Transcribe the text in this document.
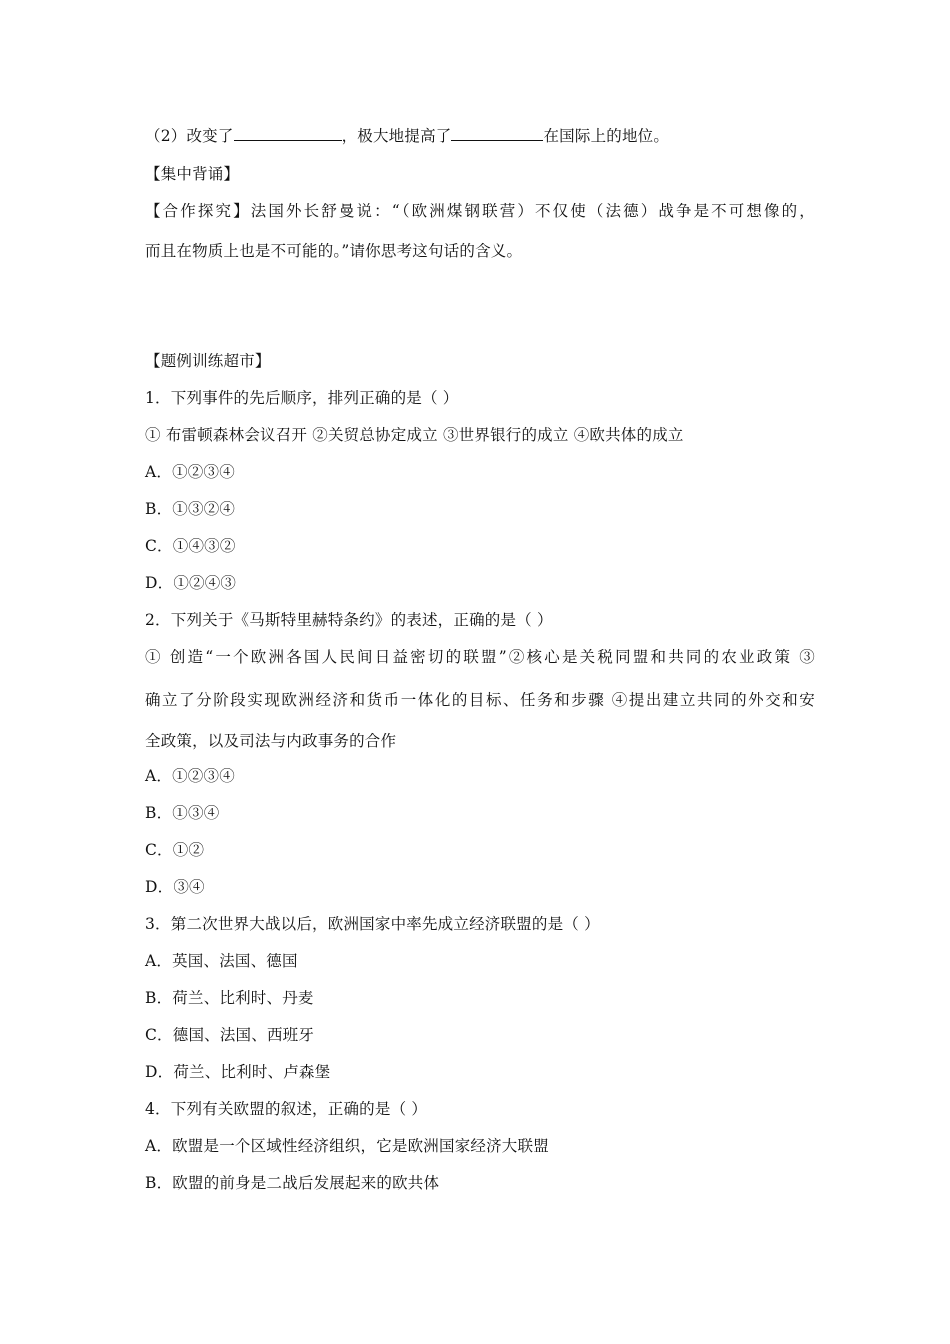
（2）改变了	，极大地提高了	在国际上的地位。
【集中背诵】
【合作探究】法国外长舒曼说：“（欧洲煤钢联营）不仅使（法德）战争是不可想像的，
而且在物质上也是不可能的。”请你思考这句话的含义。
【题例训练超市】
1．下列事件的先后顺序，排列正确的是（ ）
① 布雷顿森林会议召开 ②关贸总协定成立 ③世界银行的成立 ④欧共体的成立
A．①②③④
B．①③②④
C．①④③②
D．①②④③
2．下列关于《马斯特里赫特条约》的表述，正确的是（ ）
① 创造“一个欧洲各国人民间日益密切的联盟”②核心是关税同盟和共同的农业政策 ③
确立了分阶段实现欧洲经济和货币一体化的目标、任务和步骤 ④提出建立共同的外交和安
全政策，以及司法与内政事务的合作
A．①②③④
B．①③④
C．①②
D．③④
3．第二次世界大战以后，欧洲国家中率先成立经济联盟的是（ ）
A．英国、法国、德国
B．荷兰、比利时、丹麦
C．德国、法国、西班牙
D．荷兰、比利时、卢森堡
4．下列有关欧盟的叙述，正确的是（ ）
A．欧盟是一个区域性经济组织，它是欧洲国家经济大联盟
B．欧盟的前身是二战后发展起来的欧共体
